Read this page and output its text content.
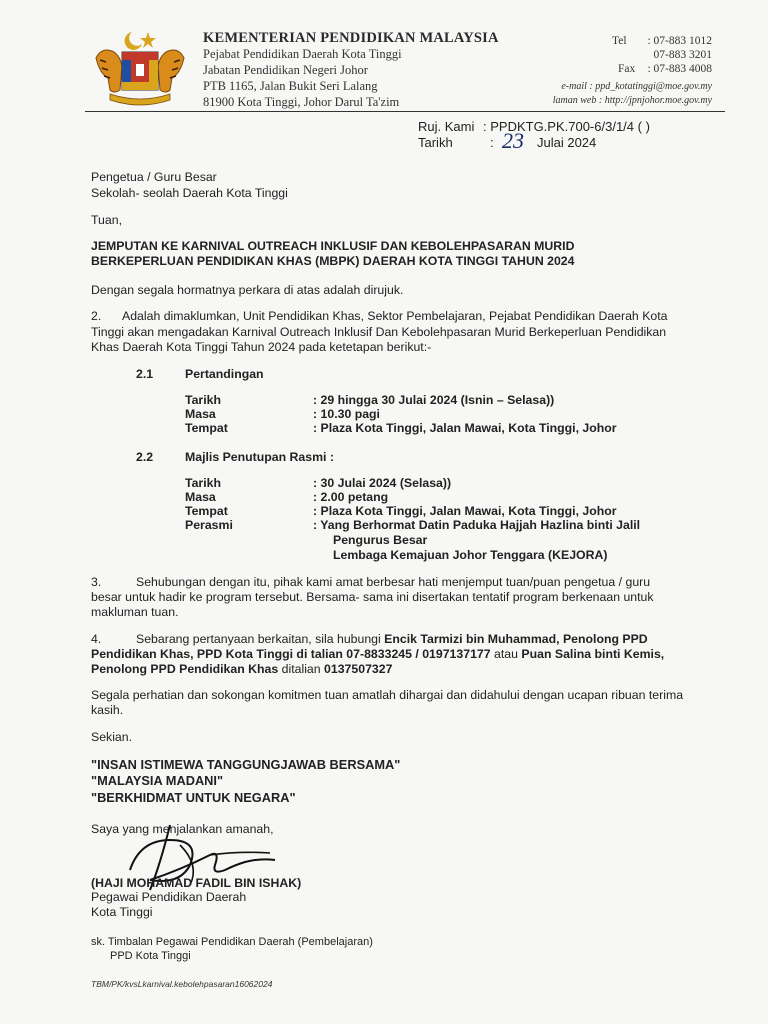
KEMENTERIAN PENDIDIKAN MALAYSIA
Pejabat Pendidikan Daerah Kota Tinggi
Jabatan Pendidikan Negeri Johor
PTB 1165, Jalan Bukit Seri Lalang
81900 Kota Tinggi, Johor Darul Ta'zim
Tel	: 07-883 1012
07-883 3201
Fax	: 07-883 4008
e-mail : ppd_kotatinggi@moe.gov.my
laman web : http://jpnjohor.moe.gov.my
Ruj. Kami : PPDKTG.PK.700-6/3/1/4 ( )
Tarikh	: 23 Julai 2024
Pengetua / Guru Besar
Sekolah- seolah Daerah Kota Tinggi
Tuan,
JEMPUTAN KE KARNIVAL OUTREACH INKLUSIF DAN KEBOLEHPASARAN MURID
BERKEPERLUAN PENDIDIKAN KHAS (MBPK) DAERAH KOTA TINGGI TAHUN 2024
Dengan segala hormatnya perkara di atas adalah dirujuk.
2. Adalah dimaklumkan, Unit Pendidikan Khas, Sektor Pembelajaran, Pejabat Pendidikan Daerah Kota
Tinggi akan mengadakan Karnival Outreach Inklusif Dan Kebolehpasaran Murid Berkeperluan Pendidikan
Khas Daerah Kota Tinggi Tahun 2024 pada ketetapan berikut:-
2.1	Pertandingan
Tarikh	: 29 hingga 30 Julai 2024 (Isnin – Selasa))
Masa	: 10.30 pagi
Tempat	: Plaza Kota Tinggi, Jalan Mawai, Kota Tinggi, Johor
2.2	Majlis Penutupan Rasmi :
Tarikh	: 30 Julai 2024 (Selasa))
Masa	: 2.00 petang
Tempat	: Plaza Kota Tinggi, Jalan Mawai, Kota Tinggi, Johor
Perasmi	: Yang Berhormat Datin Paduka Hajjah Hazlina binti Jalil
Pengurus Besar
Lembaga Kemajuan Johor Tenggara (KEJORA)
3.	Sehubungan dengan itu, pihak kami amat berbesar hati menjemput tuan/puan pengetua / guru
besar untuk hadir ke program tersebut. Bersama- sama ini disertakan tentatif program berkenaan untuk
makluman tuan.
4.	Sebarang pertanyaan berkaitan, sila hubungi Encik Tarmizi bin Muhammad, Penolong PPD
Pendidikan Khas, PPD Kota Tinggi di talian 07-8833245 / 0197137177 atau Puan Salina binti Kemis,
Penolong PPD Pendidikan Khas ditalian 0137507327
Segala perhatian dan sokongan komitmen tuan amatlah dihargai dan didahului dengan ucapan ribuan terima
kasih.
Sekian.
"INSAN ISTIMEWA TANGGUNGJAWAB BERSAMA"
"MALAYSIA MADANI"
"BERKHIDMAT UNTUK NEGARA"
Saya yang menjalankan amanah,
(HAJI MOHAMAD FADIL BIN ISHAK)
Pegawai Pendidikan Daerah
Kota Tinggi
sk. Timbalan Pegawai Pendidikan Daerah (Pembelajaran)
PPD Kota Tinggi
TBM/PK/kvsLkarnival.kebolehpasaran16062024
